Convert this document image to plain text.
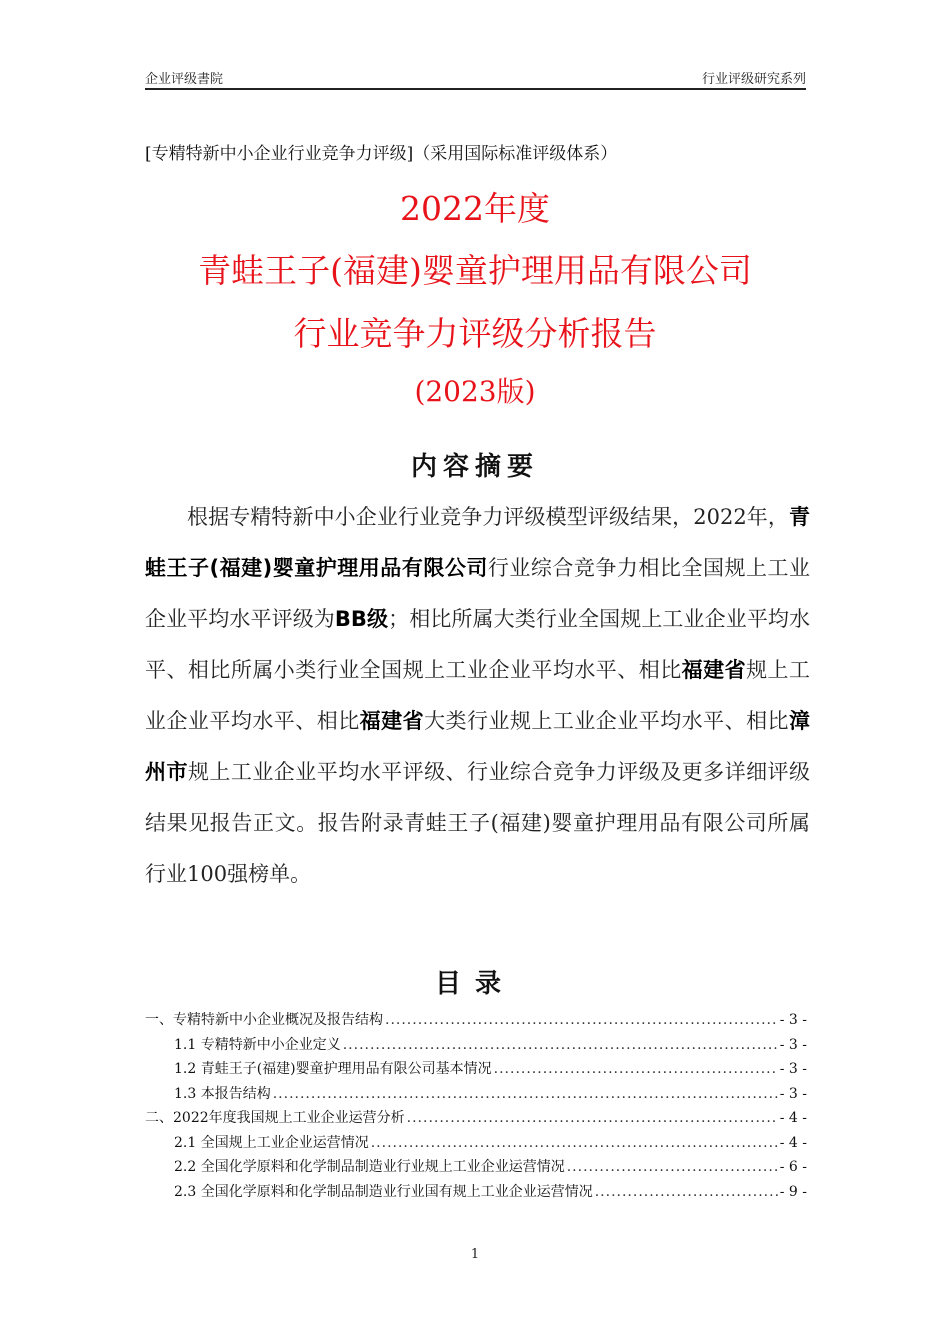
企业评级書院	行业评级研究系列
[专精特新中小企业行业竞争力评级]（采用国际标准评级体系）
2022年度
青蛙王子(福建)婴童护理用品有限公司
行业竞争力评级分析报告
(2023版)
内容摘要

根据专精特新中小企业行业竞争力评级模型评级结果，2022年，青蛙王子(福建)婴童护理用品有限公司行业综合竞争力相比全国规上工业企业平均水平评级为BB级；相比所属大类行业全国规上工业企业平均水平、相比所属小类行业全国规上工业企业平均水平、相比福建省规上工业企业平均水平、相比福建省大类行业规上工业企业平均水平、相比漳州市规上工业企业平均水平评级、行业综合竞争力评级及更多详细评级结果见报告正文。报告附录青蛙王子(福建)婴童护理用品有限公司所属行业100强榜单。

目录
一、专精特新中小企业概况及报告结构 .....	- 3 -
1.1 专精特新中小企业定义 .....	- 3 -
1.2 青蛙王子(福建)婴童护理用品有限公司基本情况 .....	- 3 -
1.3 本报告结构 .....	- 3 -
二、2022年度我国规上工业企业运营分析 .....	- 4 -
2.1 全国规上工业企业运营情况 .....	- 4 -
2.2 全国化学原料和化学制品制造业行业规上工业企业运营情况 .....	- 6 -
2.3 全国化学原料和化学制品制造业行业国有规上工业企业运营情况 .....	- 9 -
1
